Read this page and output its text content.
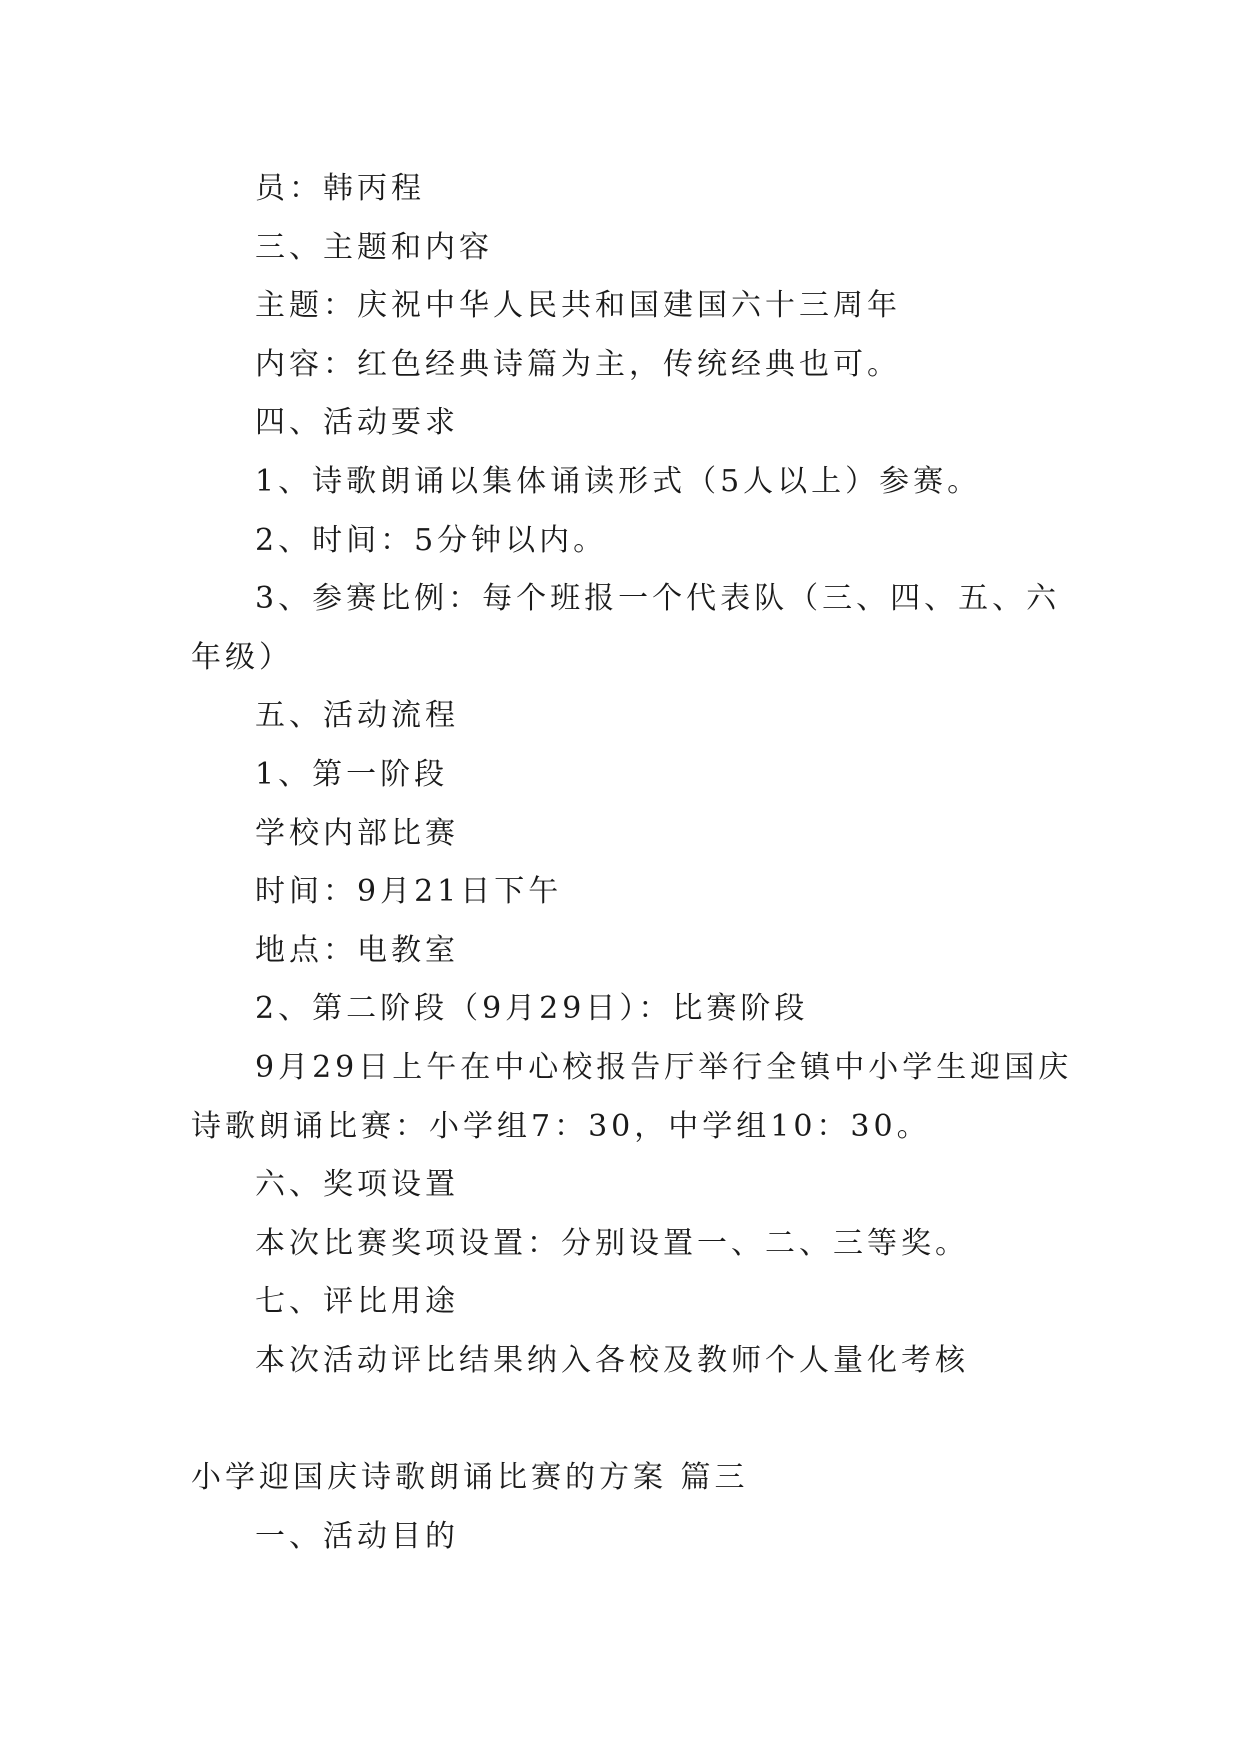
员：韩丙程
三、主题和内容
主题：庆祝中华人民共和国建国六十三周年
内容：红色经典诗篇为主，传统经典也可。
四、活动要求
1、诗歌朗诵以集体诵读形式（5人以上）参赛。
2、时间：5分钟以内。
3、参赛比例：每个班报一个代表队（三、四、五、六
年级）
五、活动流程
1、第一阶段
学校内部比赛
时间：9月21日下午
地点：电教室
2、第二阶段（9月29日）：比赛阶段
9月29日上午在中心校报告厅举行全镇中小学生迎国庆
诗歌朗诵比赛：小学组7：30，中学组10：30。
六、奖项设置
本次比赛奖项设置：分别设置一、二、三等奖。
七、评比用途
本次活动评比结果纳入各校及教师个人量化考核
小学迎国庆诗歌朗诵比赛的方案 篇三
一、活动目的
